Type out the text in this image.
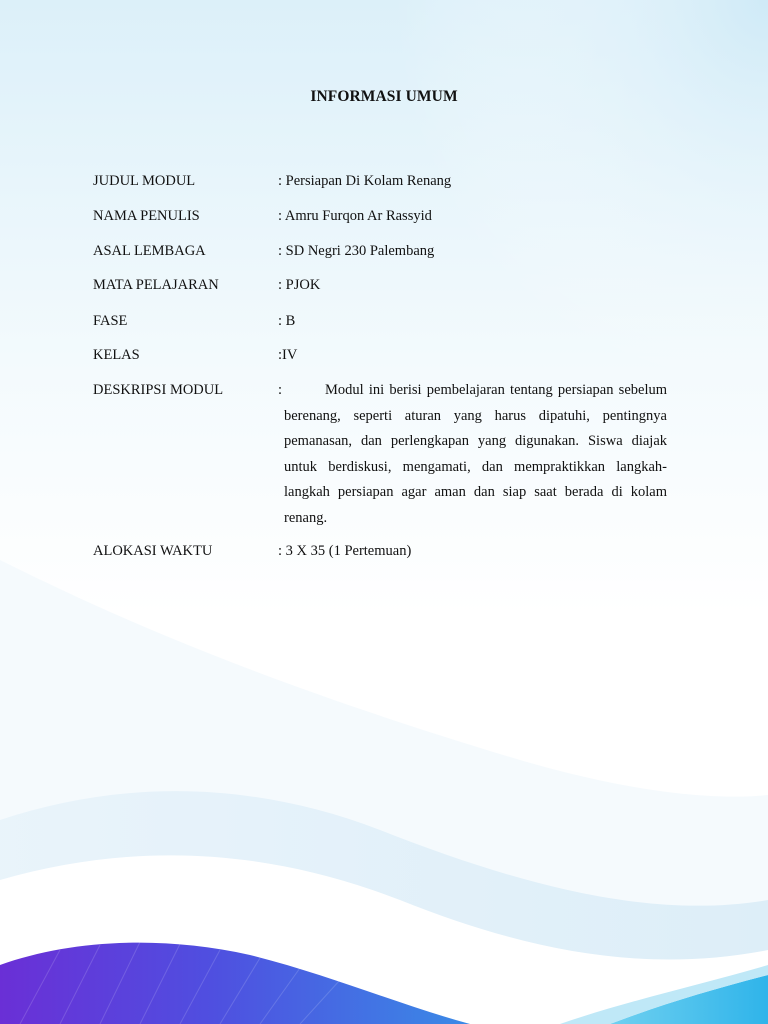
INFORMASI UMUM
JUDUL MODUL	: Persiapan Di Kolam Renang
NAMA PENULIS	: Amru Furqon Ar Rassyid
ASAL LEMBAGA	: SD Negri 230 Palembang
MATA PELAJARAN	: PJOK
FASE	: B
KELAS	:IV
DESKRIPSI MODUL	:	Modul ini berisi pembelajaran tentang persiapan sebelum berenang, seperti aturan yang harus dipatuhi, pentingnya pemanasan, dan perlengkapan yang digunakan. Siswa diajak untuk berdiskusi, mengamati, dan mempraktikkan langkah-langkah persiapan agar aman dan siap saat berada di kolam renang.
ALOKASI WAKTU	: 3 X 35 (1 Pertemuan)
